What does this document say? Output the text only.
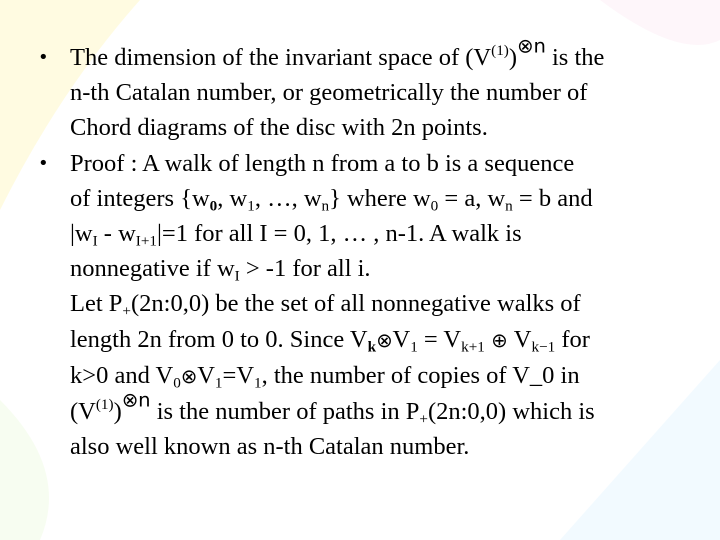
• The dimension of the invariant space of $(V^{(1)})^{\otimes n}$ is the
n-th Catalan number, or geometrically the number of
Chord diagrams of the disc with 2n points.
• Proof : A walk of length n from a to b is a sequence
of integers {$w_0$, $w_1$, …, $w_n$} where $w_0 = a$, $w_n = b$ and
$|w_I - w_{I+1}|=1$ for all I = 0, 1, … , n-1. A walk is
nonnegative if $w_I > -1$ for all i.
Let $P_+(2n:0,0)$ be the set of all nonnegative walks of
length 2n from 0 to 0. Since $V_k\otimes V_1 = V_{k+1}$ ⊕ $V_{k-1}$ for
k>0 and $V_0\otimes V_1=V_1$, the number of copies of V_0 in
$(V^{(1)})^{\otimes n}$ is the number of paths in $P_+(2n:0,0)$ which is
also well known as n-th Catalan number.
